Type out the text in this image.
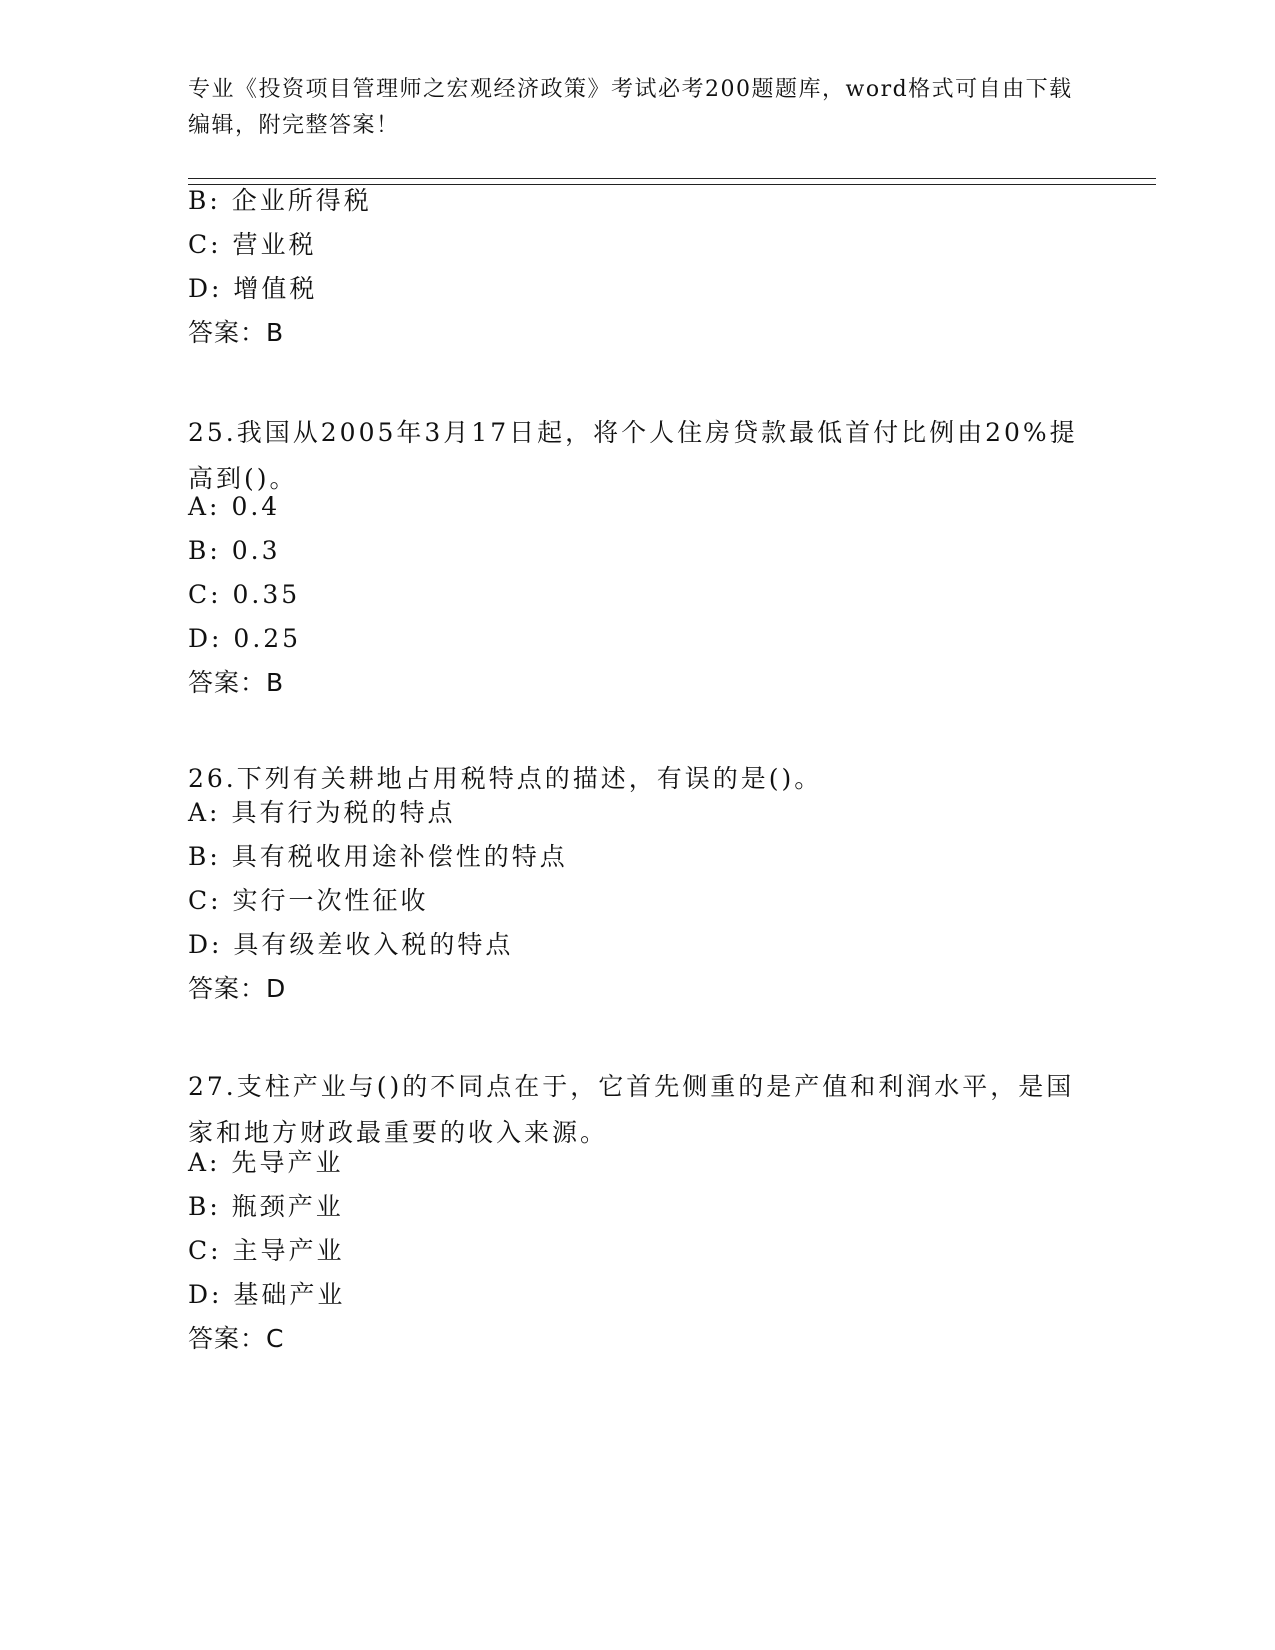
专业《投资项目管理师之宏观经济政策》考试必考200题题库，word格式可自由下载编辑，附完整答案！
B: 企业所得税
C: 营业税
D: 增值税
答案：B
25.我国从2005年3月17日起，将个人住房贷款最低首付比例由20%提高到()。
A: 0.4
B: 0.3
C: 0.35
D: 0.25
答案：B
26.下列有关耕地占用税特点的描述，有误的是()。
A: 具有行为税的特点
B: 具有税收用途补偿性的特点
C: 实行一次性征收
D: 具有级差收入税的特点
答案：D
27.支柱产业与()的不同点在于，它首先侧重的是产值和利润水平，是国家和地方财政最重要的收入来源。
A: 先导产业
B: 瓶颈产业
C: 主导产业
D: 基础产业
答案：C
